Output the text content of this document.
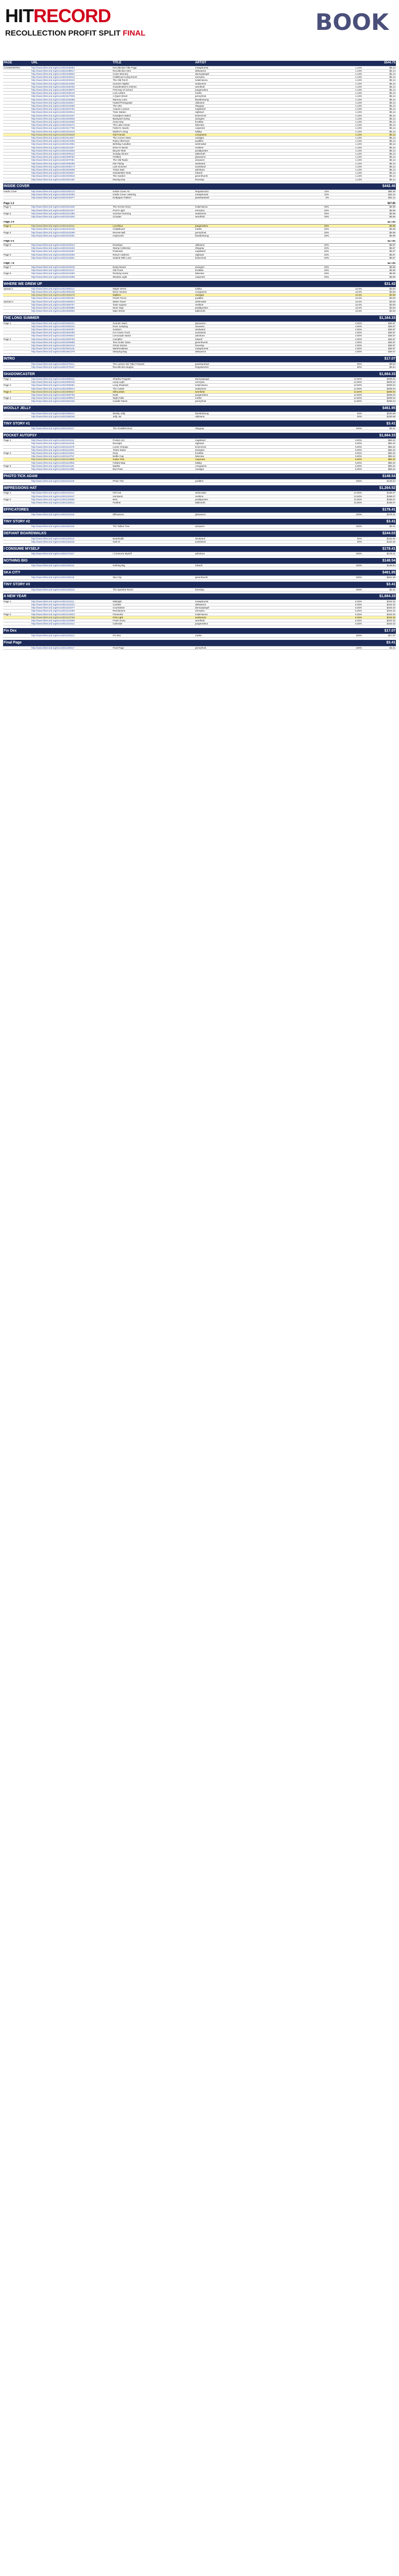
HITRECORD
RECOLLECTION PROFIT SPLIT FINAL	BOOK
PAGE	URL	TITLE	ARTIST				$544.75
COVER/INTRO	http://www.hitrecord.org/records/1038283	Recollection Title Page	metaphorest			1.13%	$6.14
	http://www.hitrecord.org/records/1038517	Recollection Intro	deliwarrior			1.13%	$6.14
	http://www.hitrecord.org/records/1036822	Cover Memory	dannyspiegel			1.13%	$6.14
	http://www.hitrecord.org/records/1034012	Childhood Living Room	emmylou			1.13%	$6.14
	http://www.hitrecord.org/records/1033118	The Old Porch	KatieHanna			1.13%	$6.14
	http://www.hitrecord.org/records/1031926	Summer Nights	seabreeze			1.13%	$6.14
	http://www.hitrecord.org/records/1030402	Grandmother's Kitchen	wrenfield			1.13%	$6.14
	http://www.hitrecord.org/records/1029875	First Day of School	joegamebox			1.13%	$6.14
	http://www.hitrecord.org/records/1028140	Lost Letters	mertle			1.13%	$6.14
	http://www.hitrecord.org/records/1027603	A Quiet Street	pennyfrost			1.13%	$6.14
	http://www.hitrecord.org/records/1026388	Memory Lane	bluebirdsong			1.13%	$6.14
	http://www.hitrecord.org/records/1025517	Faded Photograph	oldtowne			1.13%	$6.14
	http://www.hitrecord.org/records/1024099	The Attic	rileygray			1.13%	$6.14
	http://www.hitrecord.org/records/1023752	Autumn Leaves	mapleleaf			1.13%	$6.14
	http://www.hitrecord.org/records/1022814	Train Station	nightowl			1.13%	$6.14
	http://www.hitrecord.org/records/1021637	Grandpa's Watch	tickerclock			1.13%	$6.14
	http://www.hitrecord.org/records/1020945	Backyard Swing	swingset			1.13%	$6.14
	http://www.hitrecord.org/records/1019306	Snow Day	frostbite			1.13%	$6.14
	http://www.hitrecord.org/records/1018472	The Lake House	lakeview			1.13%	$6.14
	http://www.hitrecord.org/records/1017780	Father's Hands	carpenter			1.13%	$6.14
	http://www.hitrecord.org/records/1016319	Mother's Song	lullaby			1.13%	$6.14
	http://www.hitrecord.org/records/1015628	Old Friends	companion			1.13%	$6.14
	http://www.hitrecord.org/records/1014847	The Corner Store	candyjar			1.13%	$6.14
	http://www.hitrecord.org/records/1013205	Rainy Afternoon	puddles			1.13%	$6.14
	http://www.hitrecord.org/records/1012964	Birthday Candles	wishmaker			1.13%	$6.14
	http://www.hitrecord.org/records/1011537	Drive-In Movie	reeltime			1.13%	$6.14
	http://www.hitrecord.org/records/1010826	Bicycle Ride	pedalpusher			1.13%	$6.14
	http://www.hitrecord.org/records/1009413	Sunday Dinner	tablecloth			1.13%	$6.14
	http://www.hitrecord.org/records/1008752	Fireflies	glowworm			1.13%	$6.14
	http://www.hitrecord.org/records/1007361	The Old Radio	airwaves			1.13%	$6.14
	http://www.hitrecord.org/records/1006289	Kite Flying	windward			1.13%	$6.14
	http://www.hitrecord.org/records/1005174	Last Summer	sunkissed			1.13%	$6.14
	http://www.hitrecord.org/records/1004508	Ticket Stub	admitone			1.13%	$6.14
	http://www.hitrecord.org/records/1003927	Handwritten Note	inkwell			1.13%	$6.14
	http://www.hitrecord.org/records/1002815	The Garden	greenthumb			1.13%	$6.14
	http://www.hitrecord.org/records/1001462	Moving Day	boxedup			1.13%	$6.14

INSIDE COVER							$442.40
Inside Cover	http://www.hitrecord.org/records/1040123	Inside Cover Art	Regulars334		15%		$66.36
	http://www.hitrecord.org/records/1040256	Inside Cover Lettering	metaphorest		10%		$44.24
	http://www.hitrecord.org/records/1040377	Endpaper Pattern	jewelsarahart		5%		$22.12

Page 1-2							$27.85
Page 1	http://www.hitrecord.org/records/1041108	The Screen Door	KatieHanna		25%		$6.96
	http://www.hitrecord.org/records/1041247	Porch Light	emmylou		25%		$6.96
Page 2	http://www.hitrecord.org/records/1041389	Summer Evening	seabreeze		25%		$6.96
	http://www.hitrecord.org/records/1041502	Cicadas	wrenfield		25%		$6.96

Page 3-4							$27.85
Page 3	http://www.hitrecord.org/records/1042011	Lunchbox	joegamebox		25%		$6.96
	http://www.hitrecord.org/records/1042135	Chalkboard	mertle		25%		$6.96
Page 4	http://www.hitrecord.org/records/1042268	Recess Bell	pennyfrost		25%		$6.96
	http://www.hitrecord.org/records/1042391	Hopscotch	bluebirdsong		25%		$6.96

Page 5-6							$27.85
Page 5	http://www.hitrecord.org/records/1043014	Envelope	oldtowne		20%		$5.57
	http://www.hitrecord.org/records/1043152	Stamp Collection	rileygray		20%		$5.57
	http://www.hitrecord.org/records/1043287	Postmark	mapleleaf		20%		$5.57
Page 6	http://www.hitrecord.org/records/1043405	Return Address	nightowl		20%		$5.57
	http://www.hitrecord.org/records/1043521	Sealed With Love	tickerclock		20%		$5.57

Page 7-8							$27.85
Page 7	http://www.hitrecord.org/records/1044019	Dusty Boxes	swingset		25%		$6.96
	http://www.hitrecord.org/records/1044147	Old Trunk	frostbite		25%		$6.96
Page 8	http://www.hitrecord.org/records/1044283	Rocking Horse	lakeview		25%		$6.96
	http://www.hitrecord.org/records/1044398	Window Light	carpenter		25%		$6.96

WHERE WE GREW UP							$31.42
Spread 1	http://www.hitrecord.org/records/1050112	Maple Street	lullaby			12.5%	$3.93
	http://www.hitrecord.org/records/1050245	Brick Houses	companion			12.5%	$3.93
	http://www.hitrecord.org/records/1050378	Mailbox	candyjar			12.5%	$3.93
	http://www.hitrecord.org/records/1050491	Picket Fence	puddles			12.5%	$3.93
Spread 2	http://www.hitrecord.org/records/1050624	Water Tower	wishmaker			12.5%	$3.93
	http://www.hitrecord.org/records/1050757	Town Square	reeltime			12.5%	$3.93
	http://www.hitrecord.org/records/1050880	Diner Sign	pedalpusher			12.5%	$3.93
	http://www.hitrecord.org/records/1050993	Main Street	tablecloth			12.5%	$3.93

THE LONG SUMMER							$1,164.33
Page 1	http://www.hitrecord.org/records/1060101	Sunrise Swim	glowworm			4.00%	$46.57
	http://www.hitrecord.org/records/1060234	Dock Jumping	airwaves			4.00%	$46.57
	http://www.hitrecord.org/records/1060367	Sunburn	windward			4.00%	$46.57
	http://www.hitrecord.org/records/1060490	Ice Cream Truck	sunkissed			4.00%	$46.57
	http://www.hitrecord.org/records/1060623	Lemonade Stand	admitone			4.00%	$46.57
Page 2	http://www.hitrecord.org/records/1060756	Campfire	inkwell			4.00%	$46.57
	http://www.hitrecord.org/records/1060889	Tent Under Stars	greenthumb			4.00%	$46.57
	http://www.hitrecord.org/records/1061012	Ghost Stories	boxedup			4.00%	$46.57
	http://www.hitrecord.org/records/1061145	Marshmallows	metaphorest			4.00%	$46.57
	http://www.hitrecord.org/records/1061278	Sleeping Bag	deliwarrior			4.00%	$46.57

INTRO							$17.07
	http://www.hitrecord.org/records/1070114	The Lesson We Take Forward	jewelsarahart			50%	$8.54
	http://www.hitrecord.org/records/1070247	Recollection Begins	Regulars334			50%	$8.54

SHADOWCASTER							$1,664.33
Page 1	http://www.hitrecord.org/records/1080115	Shadow Puppets	dannyspiegel			12.50%	$208.04
	http://www.hitrecord.org/records/1080248	Lamp Light	emmylou			12.50%	$208.04
Page 2	http://www.hitrecord.org/records/1080381	Long Shadows	KatieHanna			12.50%	$208.04
	http://www.hitrecord.org/records/1080514	The Caster	seabreeze			12.50%	$208.04
Page 3	http://www.hitrecord.org/records/1080647	Silhouettes	wrenfield			12.50%	$208.04
	http://www.hitrecord.org/records/1080780	Dusk	joegamebox			12.50%	$208.04
Page 4	http://www.hitrecord.org/records/1080913	Night Falls	mertle			12.50%	$208.04
	http://www.hitrecord.org/records/1081046	Candle Flame	pennyfrost			12.50%	$208.04

WOOLLY JELLY							$461.95
	http://www.hitrecord.org/records/1090113	Woolly Jelly	bluebirdsong			50%	$230.98
	http://www.hitrecord.org/records/1090246	Jelly Jar	oldtowne			50%	$230.98

TINY STORY #1							$3.41
	http://www.hitrecord.org/records/1100117	The Smallest Door	rileygray			100%	$3.41

POCKET AUTOPSY							$1,664.33
Page 1	http://www.hitrecord.org/records/1110112	Pocket Lint	mapleleaf			5.00%	$83.22
	http://www.hitrecord.org/records/1110245	Receipts	nightowl			5.00%	$83.22
	http://www.hitrecord.org/records/1110378	Loose Change	tickerclock			5.00%	$83.22
	http://www.hitrecord.org/records/1110491	Ticket Stubs	swingset			5.00%	$83.22
Page 2	http://www.hitrecord.org/records/1110624	Keys	frostbite			5.00%	$83.22
	http://www.hitrecord.org/records/1110757	Bottle Cap	lakeview			5.00%	$83.22
	http://www.hitrecord.org/records/1110880	Guitar Pick	carpenter			5.00%	$83.22
	http://www.hitrecord.org/records/1110993	Folded Map	lullaby			5.00%	$83.22
Page 3	http://www.hitrecord.org/records/1111126	Marble	companion			5.00%	$83.22
	http://www.hitrecord.org/records/1111259	Bus Pass	candyjar			5.00%	$83.22

PHOTO TICK ADAM							$148.54
	http://www.hitrecord.org/records/1120118	Photo Tick	puddles			100%	$148.54

IMPRESSIONS HAT							$1,264.52
Page 1	http://www.hitrecord.org/records/1130114	Felt Hat	wishmaker			12.50%	$158.07
	http://www.hitrecord.org/records/1130247	Hat Band	reeltime			12.50%	$158.07
Page 2	http://www.hitrecord.org/records/1130380	Brim	pedalpusher			12.50%	$158.07
	http://www.hitrecord.org/records/1130513	Feather	tablecloth			12.50%	$158.07

EFFICATORES							$178.41
	http://www.hitrecord.org/records/1140119	Efficatores	glowworm			100%	$178.41

TINY STORY #2							$3.41
	http://www.hitrecord.org/records/1150116	The Tallest Tree	airwaves			100%	$3.41

DEFIANT BOARDWALKS							$244.03
	http://www.hitrecord.org/records/1160113	Boardwalk	windward			50%	$122.02
	http://www.hitrecord.org/records/1160246	Salt Air	sunkissed			50%	$122.02

I CONSUME MYSELF							$178.41
	http://www.hitrecord.org/records/1170117	I Consume Myself	admitone			100%	$178.41

NOTHING BIG							$148.54
	http://www.hitrecord.org/records/1180112	Nothing Big	inkwell			100%	$148.54

SKA CITY							$461.95
	http://www.hitrecord.org/records/1190115	Ska City	greenthumb			100%	$461.95

TINY STORY #3							$3.41
	http://www.hitrecord.org/records/1200118	The Quietest Room	boxedup			100%	$3.41

A NEW YEAR							$1,664.33
Page 1	http://www.hitrecord.org/records/1210111	Midnight	metaphorest			6.25%	$104.02
	http://www.hitrecord.org/records/1210244	Confetti	deliwarrior			6.25%	$104.02
	http://www.hitrecord.org/records/1210377	Countdown	dannyspiegel			6.25%	$104.02
	http://www.hitrecord.org/records/1210490	Resolutions	emmylou			6.25%	$104.02
Page 2	http://www.hitrecord.org/records/1210623	Fireworks	KatieHanna			6.25%	$104.02
	http://www.hitrecord.org/records/1210756	First Light	seabreeze			6.25%	$104.02
	http://www.hitrecord.org/records/1210889	Fresh Snow	wrenfield			6.25%	$104.02
	http://www.hitrecord.org/records/1211012	Calendar	joegamebox			6.25%	$104.02

Fin Dex							$17.07
	http://www.hitrecord.org/records/1220114	Fin Dex	mertle			100%	$17.07

Final Page							$3.41
	http://www.hitrecord.org/records/1230117	Final Page	pennyfrost			100%	$3.41
